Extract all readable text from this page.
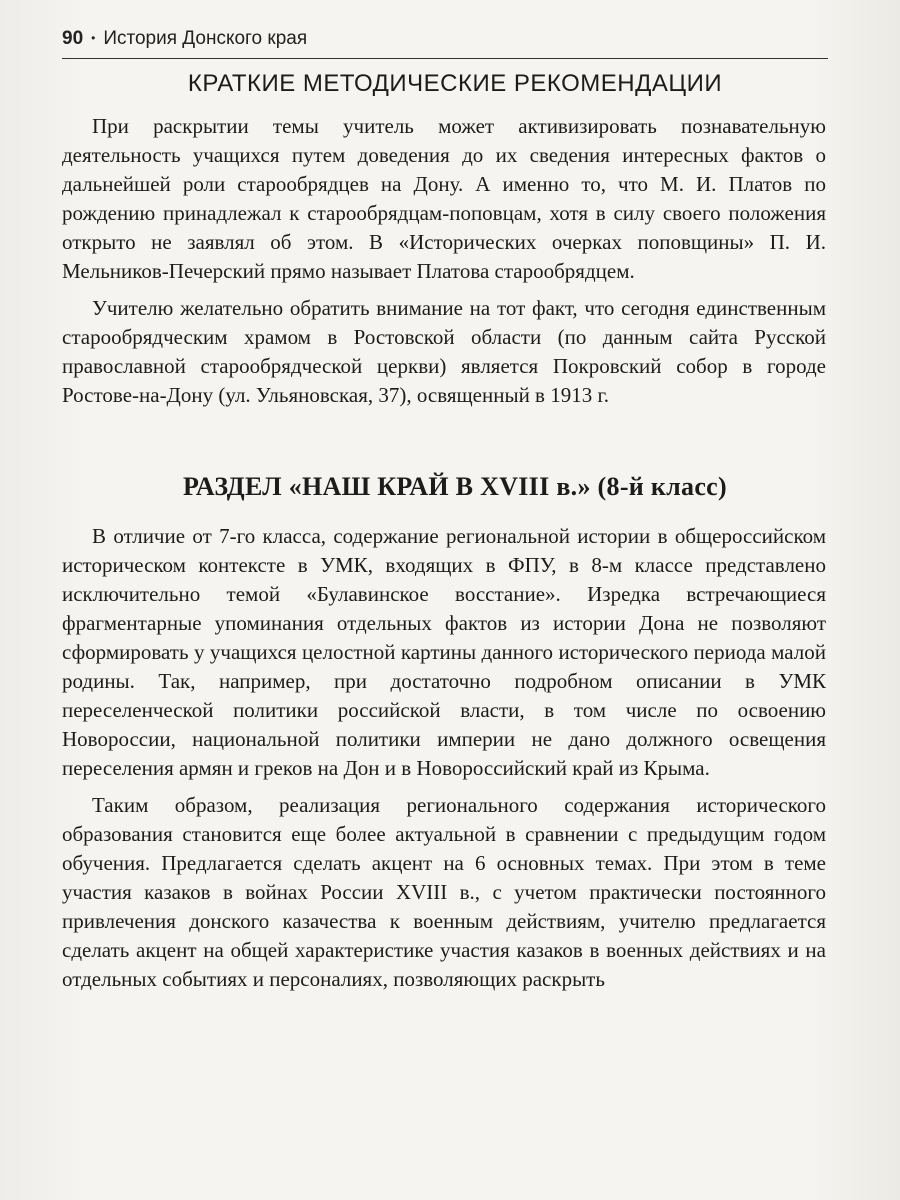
90 • История Донского края
КРАТКИЕ МЕТОДИЧЕСКИЕ РЕКОМЕНДАЦИИ

При раскрытии темы учитель может активизировать познавательную деятельность учащихся путем доведения до их сведения интересных фактов о дальнейшей роли старообрядцев на Дону. А именно то, что М. И. Платов по рождению принадлежал к старообрядцам-поповцам, хотя в силу своего положения открыто не заявлял об этом. В «Исторических очерках поповщины» П. И. Мельников-Печерский прямо называет Платова старообрядцем.

Учителю желательно обратить внимание на тот факт, что сегодня единственным старообрядческим храмом в Ростовской области (по данным сайта Русской православной старообрядческой церкви) является Покровский собор в городе Ростове-на-Дону (ул. Ульяновская, 37), освященный в 1913 г.

РАЗДЕЛ «НАШ КРАЙ В XVIII в.» (8-й класс)

В отличие от 7-го класса, содержание региональной истории в общероссийском историческом контексте в УМК, входящих в ФПУ, в 8-м классе представлено исключительно темой «Булавинское восстание». Изредка встречающиеся фрагментарные упоминания отдельных фактов из истории Дона не позволяют сформировать у учащихся целостной картины данного исторического периода малой родины. Так, например, при достаточно подробном описании в УМК переселенческой политики российской власти, в том числе по освоению Новороссии, национальной политики империи не дано должного освещения переселения армян и греков на Дон и в Новороссийский край из Крыма.

Таким образом, реализация регионального содержания исторического образования становится еще более актуальной в сравнении с предыдущим годом обучения. Предлагается сделать акцент на 6 основных темах. При этом в теме участия казаков в войнах России XVIII в., с учетом практически постоянного привлечения донского казачества к военным действиям, учителю предлагается сделать акцент на общей характеристике участия казаков в военных действиях и на отдельных событиях и персоналиях, позволяющих раскрыть
